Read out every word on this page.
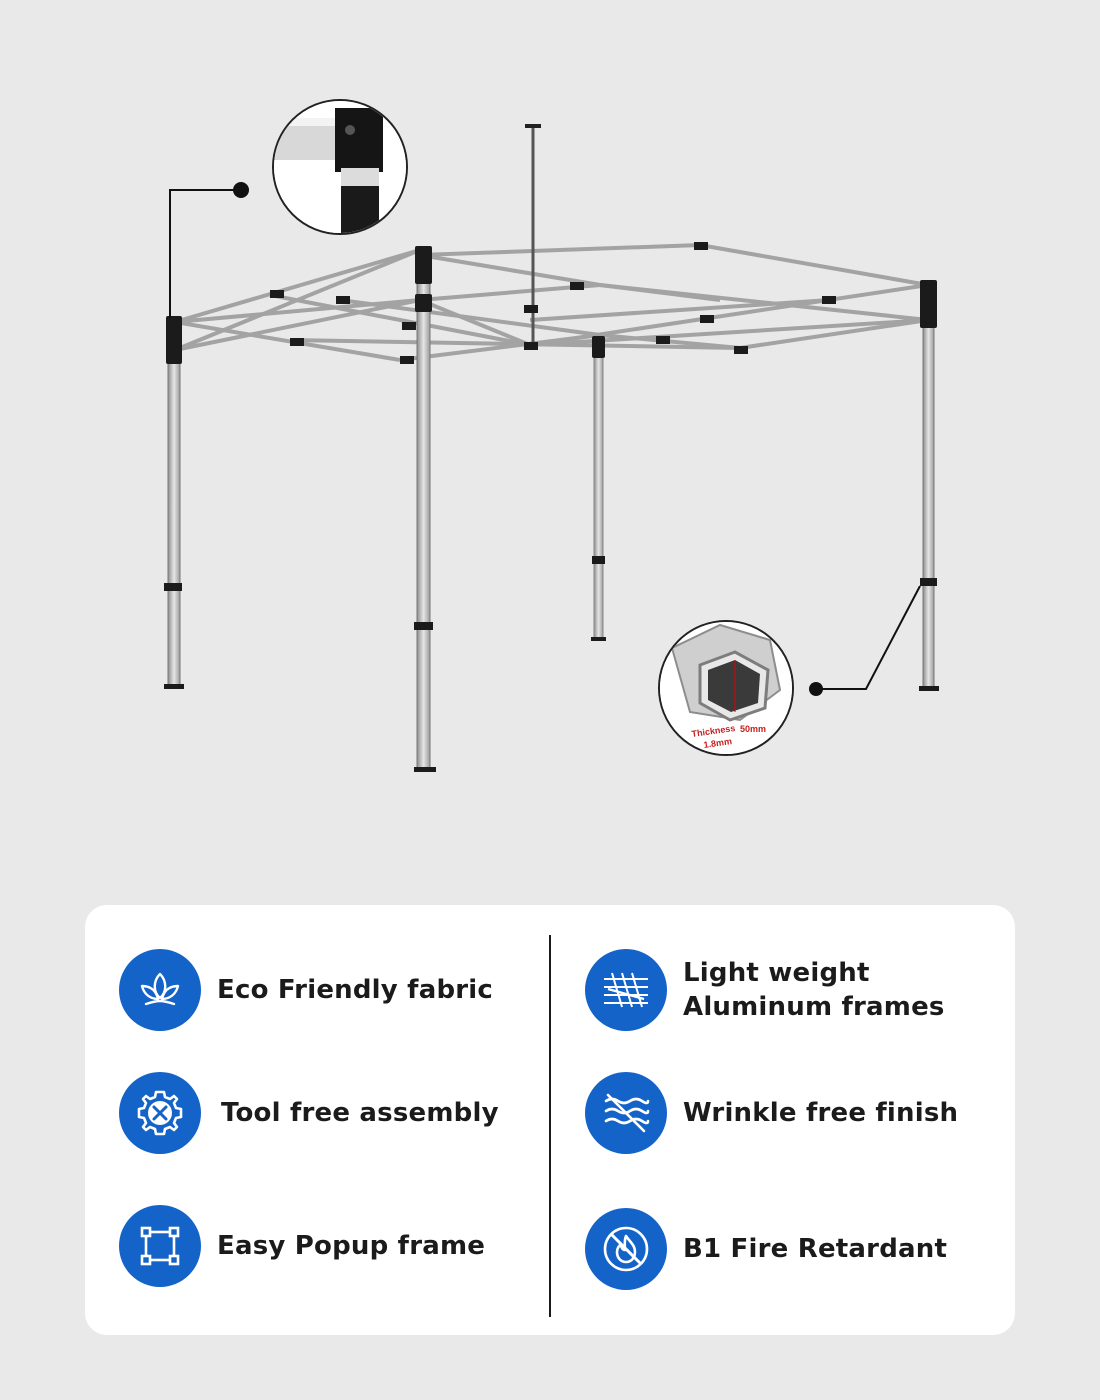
Thickness
1.8mm
50mm
Eco Friendly fabric
Tool free assembly
Easy Popup frame
Light weight
Aluminum frames
Wrinkle free finish
B1 Fire Retardant
